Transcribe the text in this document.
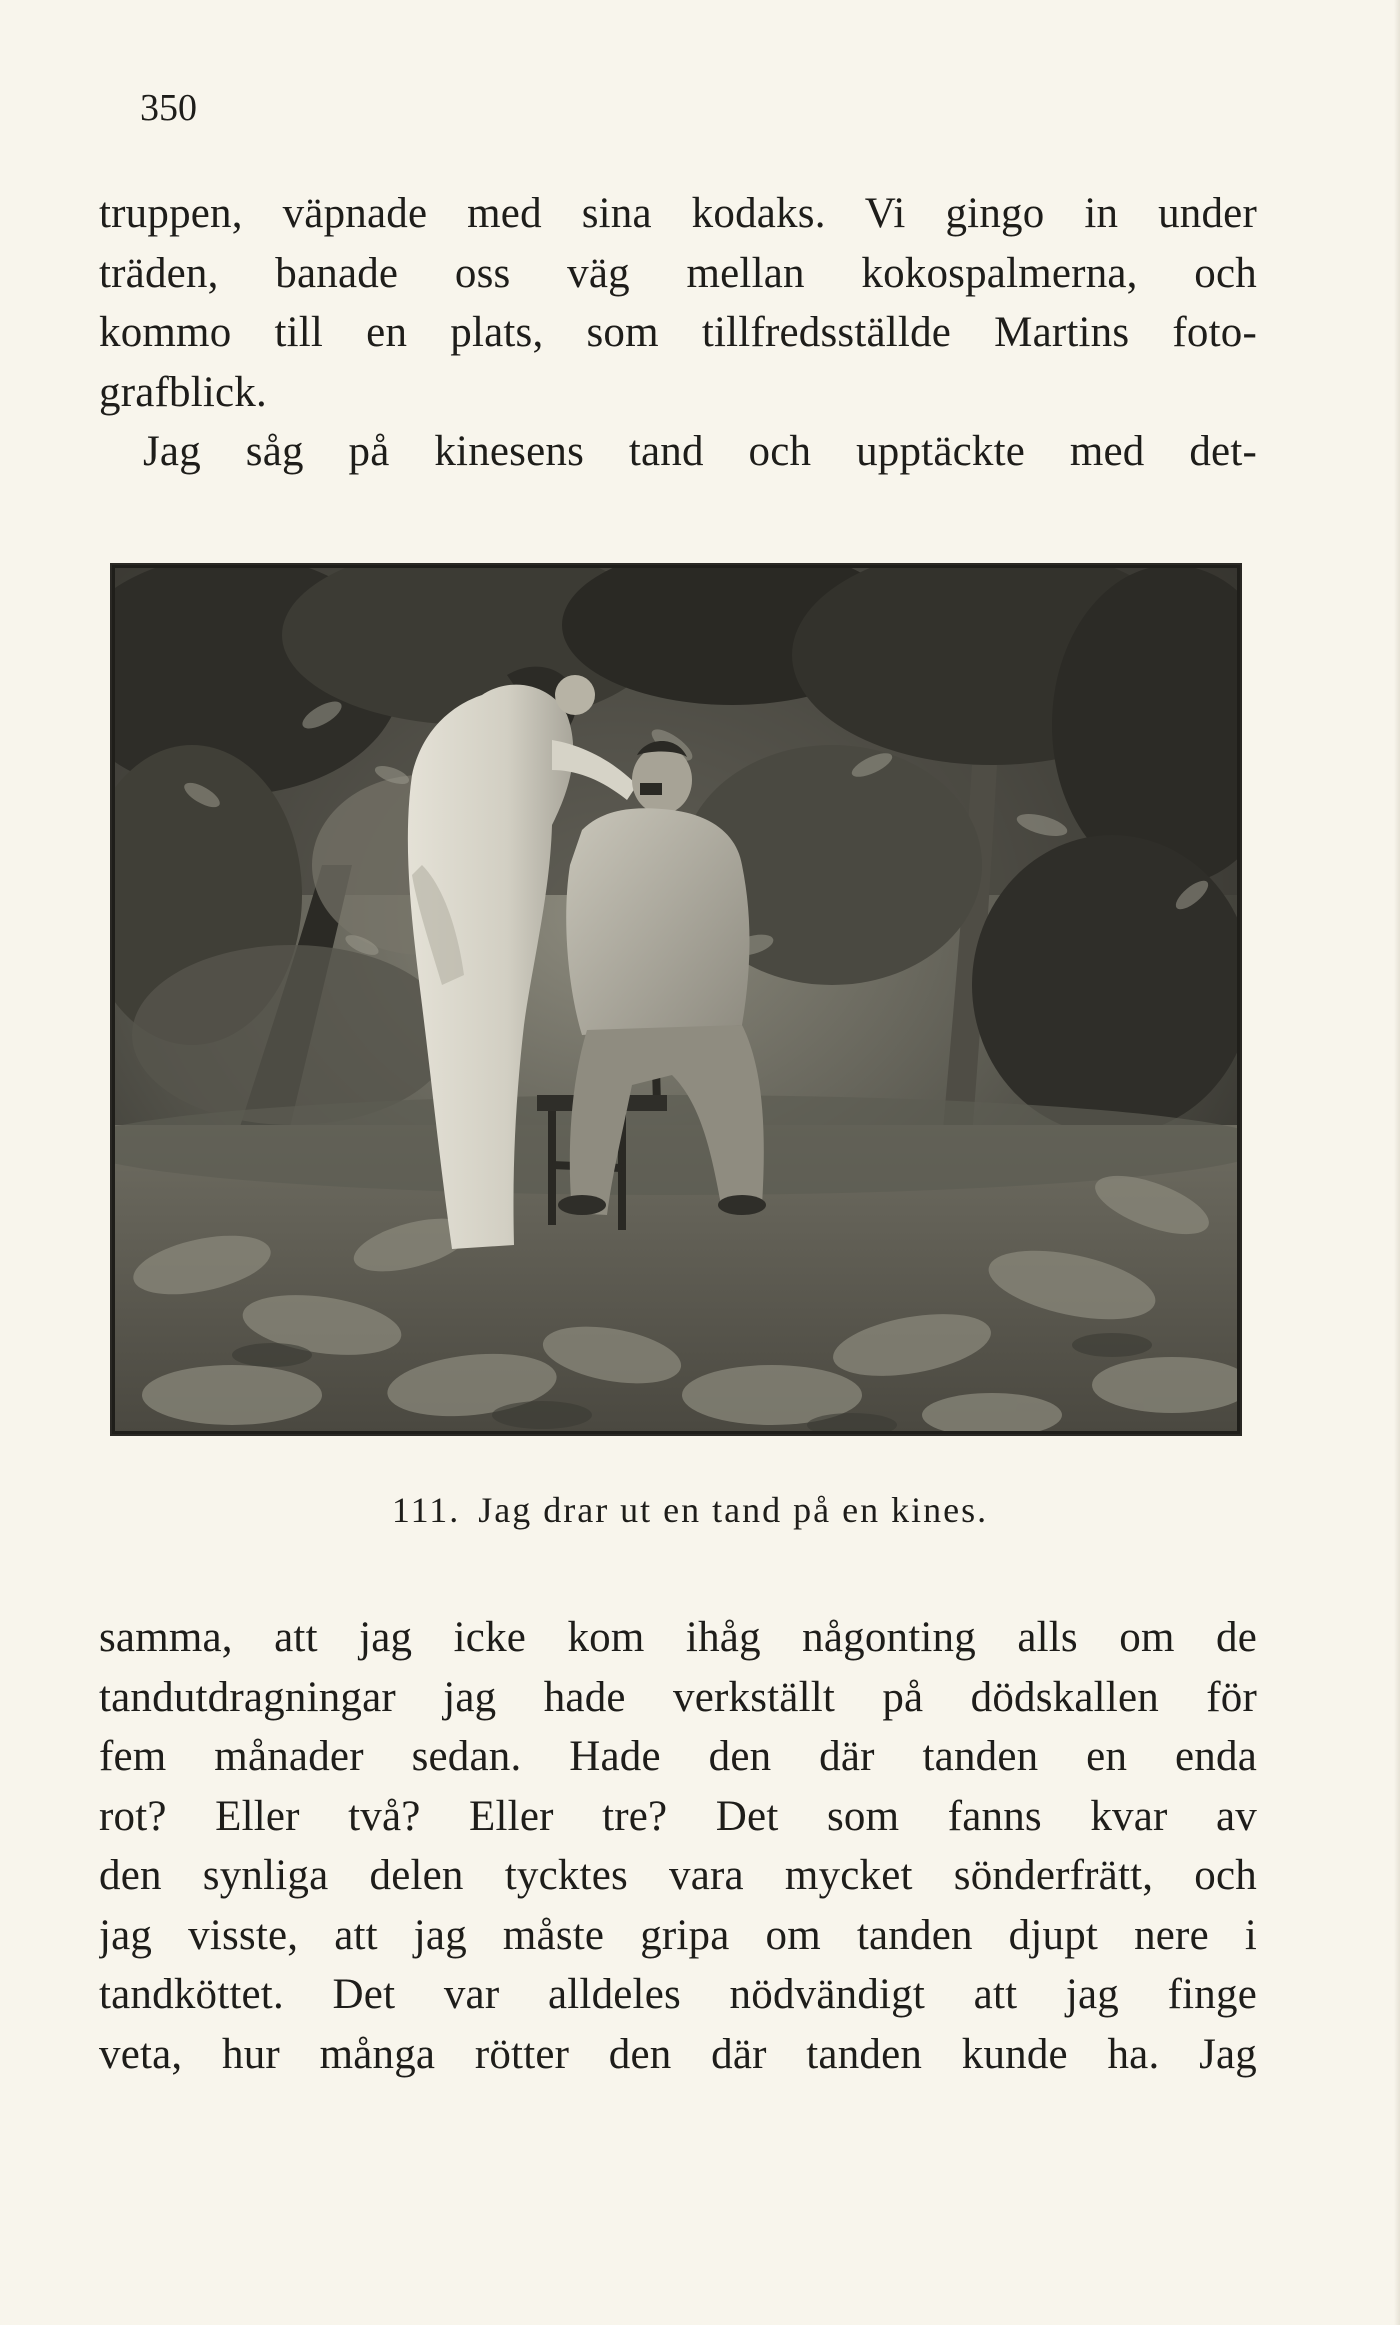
350
truppen, väpnade med sina kodaks. Vi gingo in under
träden, banade oss väg mellan kokospalmerna, och
kommo till en plats, som tillfredsställde Martins foto-
grafblick.
Jag såg på kinesens tand och upptäckte med det-
111. Jag drar ut en tand på en kines.
samma, att jag icke kom ihåg någonting alls om de
tandutdragningar jag hade verkställt på dödskallen för
fem månader sedan. Hade den där tanden en enda
rot? Eller två? Eller tre? Det som fanns kvar av
den synliga delen tycktes vara mycket sönderfrätt, och
jag visste, att jag måste gripa om tanden djupt nere i
tandköttet. Det var alldeles nödvändigt att jag finge
veta, hur många rötter den där tanden kunde ha. Jag
